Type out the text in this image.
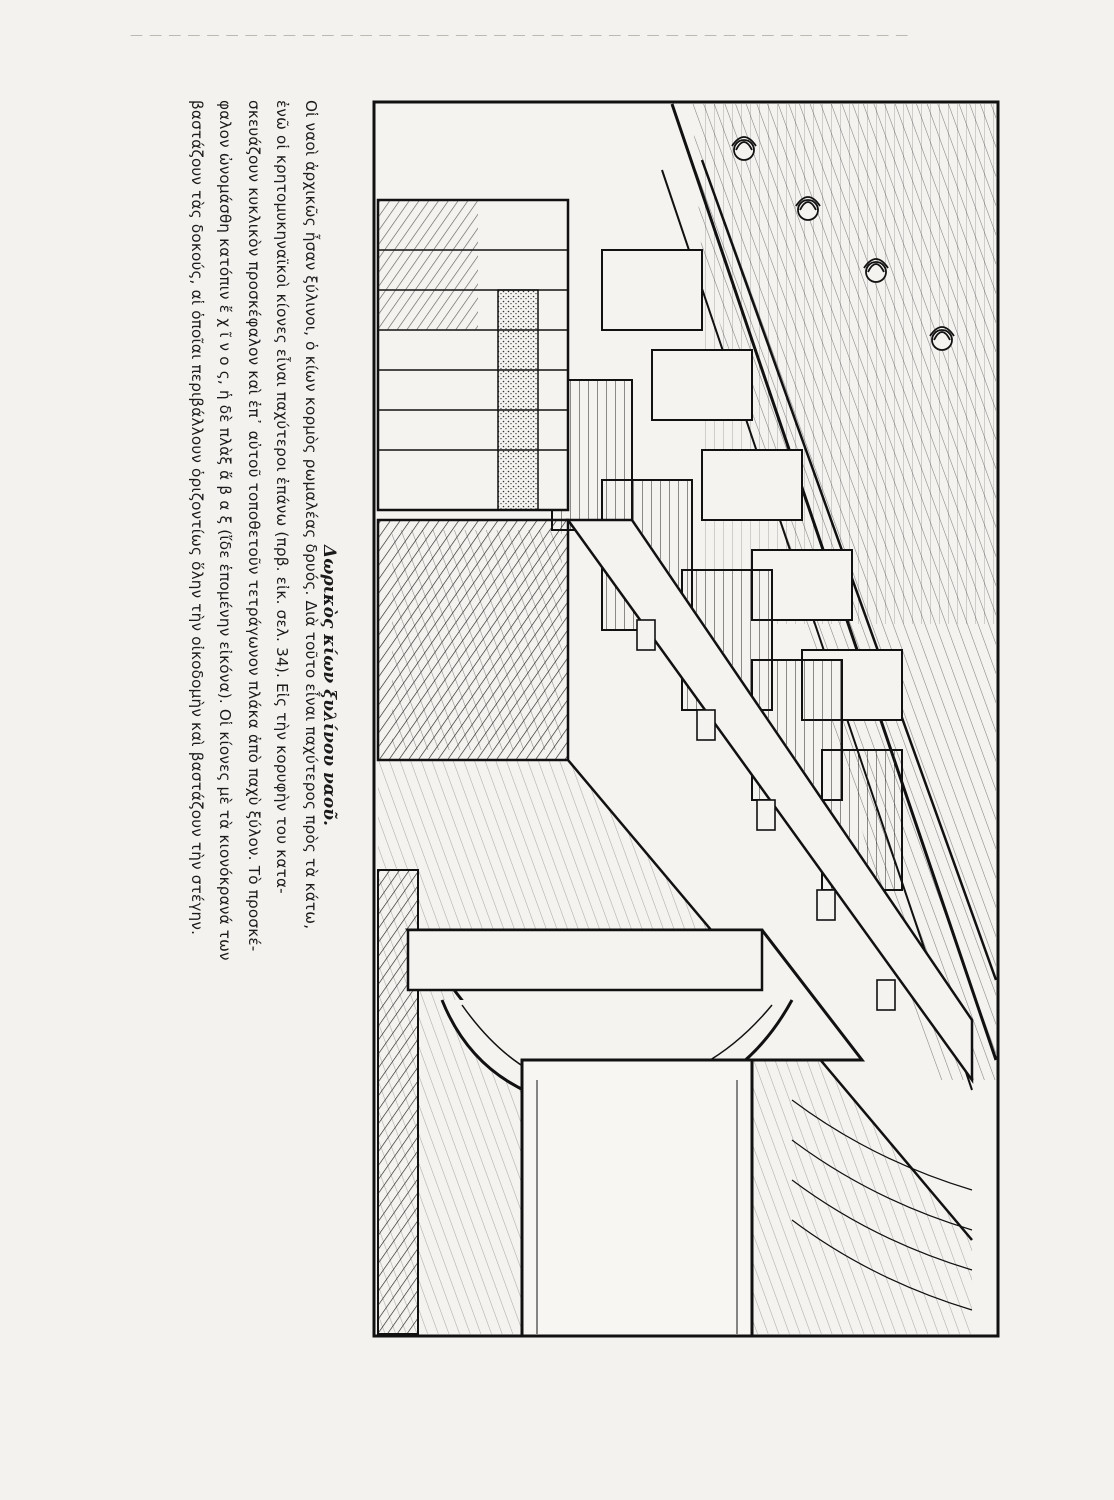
— — — — — — — — — — — — — — — — — — — — — — — — — — — — — — — — — — — — — — — — —
Δωρικὸς κίων ξυλίνου ναοῦ.
Οἱ ναοὶ ἀρχικῶς ἦσαν ξύλινοι, ὁ κίων κορμὸς ρωμαλέας δρυός. Διὰ τοῦτο εἶναι παχύτερος πρὸς τὰ κάτω,
ἐνῶ οἱ κρητομυκηναϊκοὶ κίονες εἶναι παχύτεροι ἐπάνω (πρβ. εἰκ. σελ. 34). Εἰς τὴν κορυφὴν του κατα-
σκευάζουν κυκλικὸν προσκέφαλον καὶ ἐπ᾿ αὐτοῦ τοποθετοῦν τετράγωνον πλάκα ἀπὸ παχὺ ξύλον. Τὸ προσκέ-
φαλον ὠνομάσθη κατόπιν ἔ χ ῖ ν ο ς, ἡ δὲ πλὰξ ἄ β α ξ (ἴδε ἑπομένην εἰκόνα). Οἱ κίονες μὲ τὰ κιονόκρανά των
βαστάζουν τὰς δοκούς, αἱ ὁποῖαι περιβάλλουν ὁριζοντίως ὅλην τὴν οἰκοδομὴν καὶ βαστάζουν τὴν στέγην.
